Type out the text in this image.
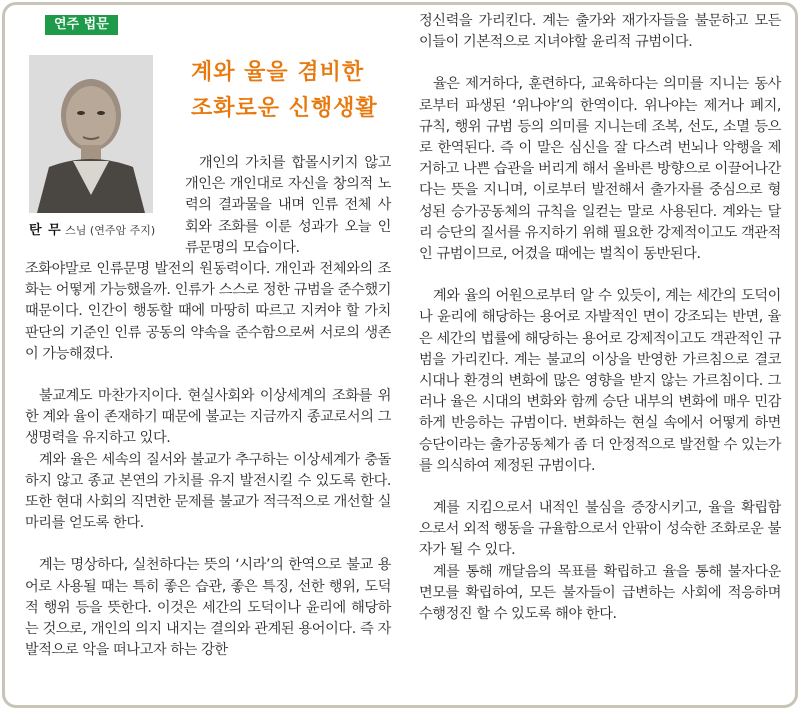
연주 법문
탄 무 스님 (연주암 주지)
계와 율을 겸비한
조화로운 신행생활

개인의 가치를 합몰시키지 않고 개인은 개인대로 자신을 창의적 노력의 결과물을 내며 인류 전체 사회와 조화를 이룬 성과가 오늘 인류문명의 모습이다.

조화야말로 인류문명 발전의 원동력이다. 개인과 전체와의 조화는 어떻게 가능했을까. 인류가 스스로 정한 규범을 준수했기 때문이다. 인간이 행동할 때에 마땅히 따르고 지켜야 할 가치 판단의 기준인 인류 공동의 약속을 준수함으로써 서로의 생존이 가능해졌다.

불교계도 마찬가지이다. 현실사회와 이상세계의 조화를 위한 계와 율이 존재하기 때문에 불교는 지금까지 종교로서의 그 생명력을 유지하고 있다.

계와 율은 세속의 질서와 불교가 추구하는 이상세계가 충돌하지 않고 종교 본연의 가치를 유지 발전시킬 수 있도록 한다. 또한 현대 사회의 직면한 문제를 불교가 적극적으로 개선할 실마리를 얻도록 한다.

계는 명상하다, 실천하다는 뜻의 ‘시라’의 한역으로 불교 용어로 사용될 때는 특히 좋은 습관, 좋은 특징, 선한 행위, 도덕적 행위 등을 뜻한다. 이것은 세간의 도덕이나 윤리에 해당하는 것으로, 개인의 의지 내지는 결의와 관계된 용어이다. 즉 자발적으로 악을 떠나고자 하는 강한

정신력을 가리킨다. 계는 출가와 재가자들을 불문하고 모든 이들이 기본적으로 지녀야할 윤리적 규범이다.

율은 제거하다, 훈련하다, 교육하다는 의미를 지니는 동사로부터 파생된 ‘위나야’의 한역이다. 위나야는 제거나 폐지, 규칙, 행위 규범 등의 의미를 지니는데 조복, 선도, 소멸 등으로 한역된다. 즉 이 말은 심신을 잘 다스려 번뇌나 악행을 제거하고 나쁜 습관을 버리게 해서 올바른 방향으로 이끌어나간다는 뜻을 지니며, 이로부터 발전해서 출가자를 중심으로 형성된 승가공동체의 규칙을 일컫는 말로 사용된다. 계와는 달리 승단의 질서를 유지하기 위해 필요한 강제적이고도 객관적인 규범이므로, 어겼을 때에는 벌칙이 동반된다.

계와 율의 어원으로부터 알 수 있듯이, 계는 세간의 도덕이나 윤리에 해당하는 용어로 자발적인 면이 강조되는 반면, 율은 세간의 법률에 해당하는 용어로 강제적이고도 객관적인 규범을 가리킨다. 계는 불교의 이상을 반영한 가르침으로 결코 시대나 환경의 변화에 많은 영향을 받지 않는 가르침이다. 그러나 율은 시대의 변화와 함께 승단 내부의 변화에 매우 민감하게 반응하는 규범이다. 변화하는 현실 속에서 어떻게 하면 승단이라는 출가공동체가 좀 더 안정적으로 발전할 수 있는가를 의식하여 제정된 규범이다.

계를 지킴으로서 내적인 불심을 증장시키고, 율을 확립함으로서 외적 행동을 규율함으로서 안팎이 성숙한 조화로운 불자가 될 수 있다.

계를 통해 깨달음의 목표를 확립하고 율을 통해 불자다운 면모를 확립하여, 모든 불자들이 급변하는 사회에 적응하며 수행정진 할 수 있도록 해야 한다.
